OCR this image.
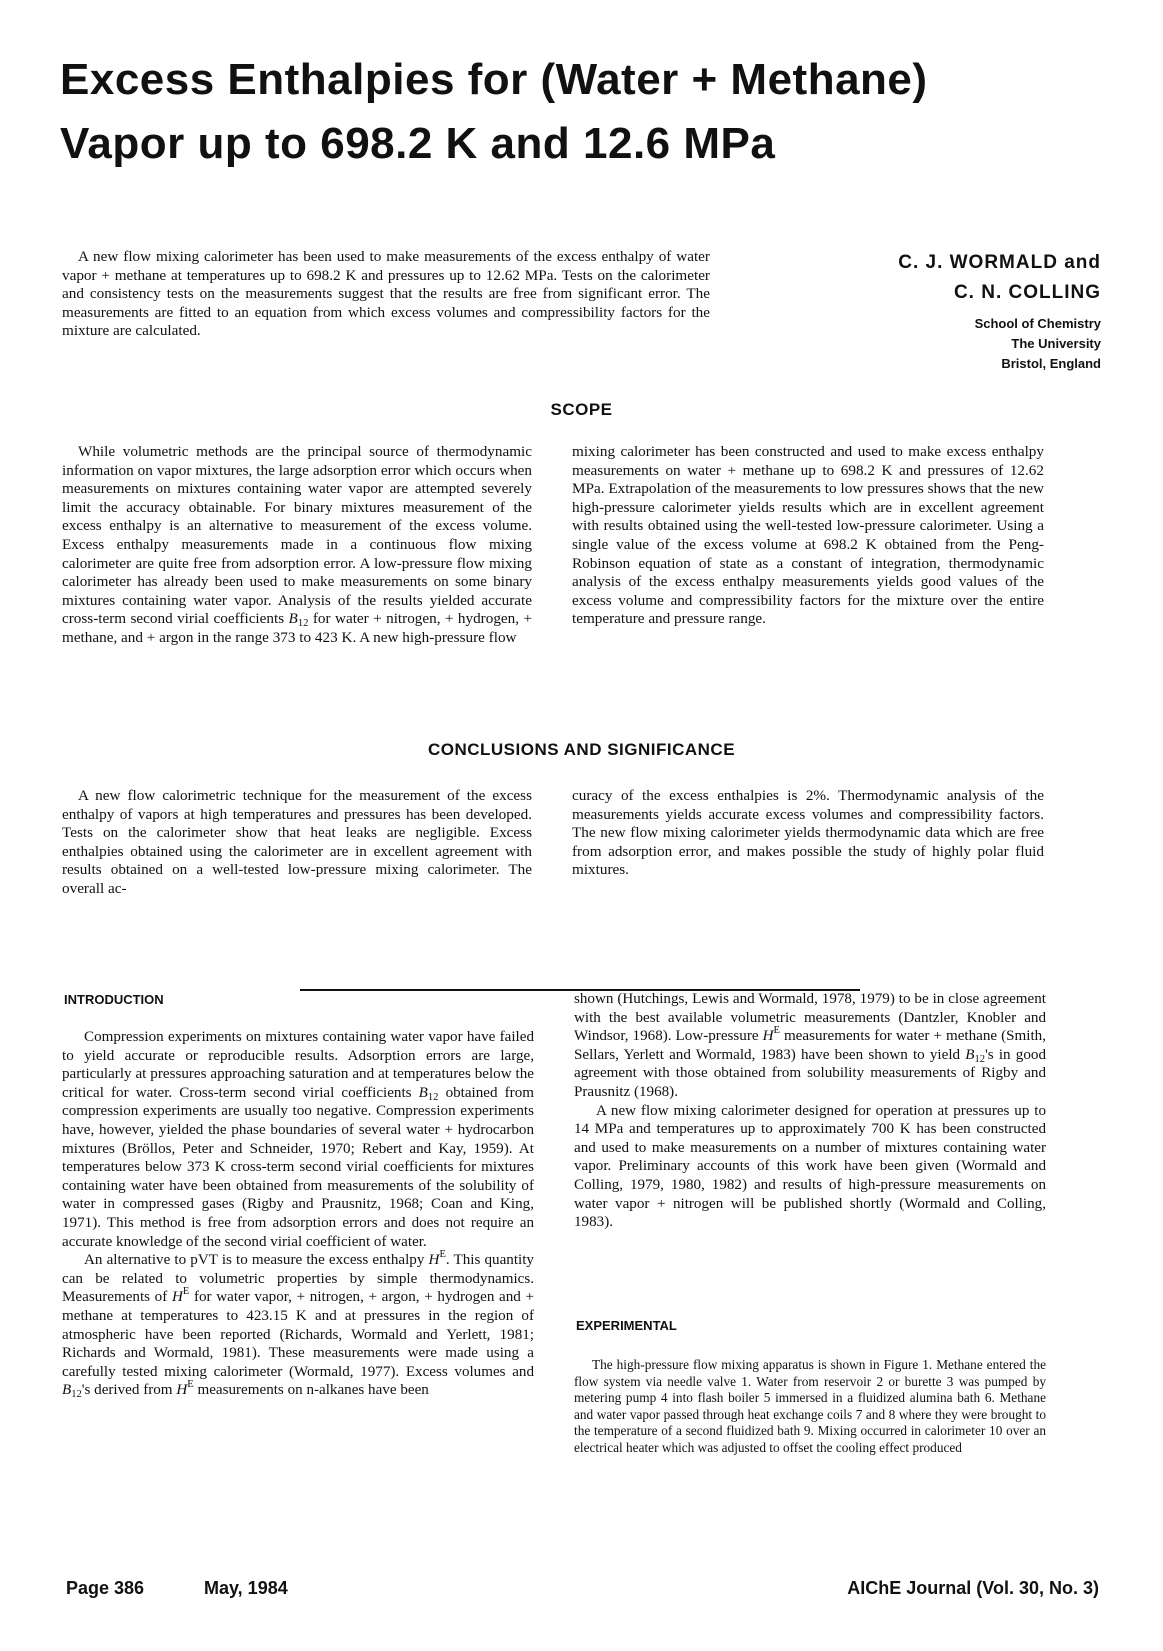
Excess Enthalpies for (Water + Methane)
Vapor up to 698.2 K and 12.6 MPa

A new flow mixing calorimeter has been used to make measurements of the excess enthalpy of water vapor + methane at temperatures up to 698.2 K and pressures up to 12.62 MPa. Tests on the calorimeter and consistency tests on the measurements suggest that the results are free from significant error. The measurements are fitted to an equation from which excess volumes and compressibility factors for the mixture are calculated.

C. J. WORMALD and
C. N. COLLING
School of Chemistry
The University
Bristol, England
SCOPE

While volumetric methods are the principal source of thermodynamic information on vapor mixtures, the large adsorption error which occurs when measurements on mixtures containing water vapor are attempted severely limit the accuracy obtainable. For binary mixtures measurement of the excess enthalpy is an alternative to measurement of the excess volume. Excess enthalpy measurements made in a continuous flow mixing calorimeter are quite free from adsorption error. A low-pressure flow mixing calorimeter has already been used to make measurements on some binary mixtures containing water vapor. Analysis of the results yielded accurate cross-term second virial coefficients $B_{12}$ for water + nitrogen, + hydrogen, + methane, and + argon in the range 373 to 423 K. A new high-pressure flow

mixing calorimeter has been constructed and used to make excess enthalpy measurements on water + methane up to 698.2 K and pressures of 12.62 MPa. Extrapolation of the measurements to low pressures shows that the new high-pressure calorimeter yields results which are in excellent agreement with results obtained using the well-tested low-pressure calorimeter. Using a single value of the excess volume at 698.2 K obtained from the Peng-Robinson equation of state as a constant of integration, thermodynamic analysis of the excess enthalpy measurements yields good values of the excess volume and compressibility factors for the mixture over the entire temperature and pressure range.

CONCLUSIONS AND SIGNIFICANCE

A new flow calorimetric technique for the measurement of the excess enthalpy of vapors at high temperatures and pressures has been developed. Tests on the calorimeter show that heat leaks are negligible. Excess enthalpies obtained using the calorimeter are in excellent agreement with results obtained on a well-tested low-pressure mixing calorimeter. The overall ac-

curacy of the excess enthalpies is 2%. Thermodynamic analysis of the measurements yields accurate excess volumes and compressibility factors. The new flow mixing calorimeter yields thermodynamic data which are free from adsorption error, and makes possible the study of highly polar fluid mixtures.

INTRODUCTION

Compression experiments on mixtures containing water vapor have failed to yield accurate or reproducible results. Adsorption errors are large, particularly at pressures approaching saturation and at temperatures below the critical for water. Cross-term second virial coefficients $B_{12}$ obtained from compression experiments are usually too negative. Compression experiments have, however, yielded the phase boundaries of several water + hydrocarbon mixtures (Bröllos, Peter and Schneider, 1970; Rebert and Kay, 1959). At temperatures below 373 K cross-term second virial coefficients for mixtures containing water have been obtained from measurements of the solubility of water in compressed gases (Rigby and Prausnitz, 1968; Coan and King, 1971). This method is free from adsorption errors and does not require an accurate knowledge of the second virial coefficient of water.

An alternative to pVT is to measure the excess enthalpy $H^E$. This quantity can be related to volumetric properties by simple thermodynamics. Measurements of $H^E$ for water vapor, + nitrogen, + argon, + hydrogen and + methane at temperatures to 423.15 K and at pressures in the region of atmospheric have been reported (Richards, Wormald and Yerlett, 1981; Richards and Wormald, 1981). These measurements were made using a carefully tested mixing calorimeter (Wormald, 1977). Excess volumes and $B_{12}'s$ derived from $H^E$ measurements on n-alkanes have been

shown (Hutchings, Lewis and Wormald, 1978, 1979) to be in close agreement with the best available volumetric measurements (Dantzler, Knobler and Windsor, 1968). Low-pressure $H^E$ measurements for water + methane (Smith, Sellars, Yerlett and Wormald, 1983) have been shown to yield $B_{12}'s$ in good agreement with those obtained from solubility measurements of Rigby and Prausnitz (1968).

A new flow mixing calorimeter designed for operation at pressures up to 14 MPa and temperatures up to approximately 700 K has been constructed and used to make measurements on a number of mixtures containing water vapor. Preliminary accounts of this work have been given (Wormald and Colling, 1979, 1980, 1982) and results of high-pressure measurements on water vapor + nitrogen will be published shortly (Wormald and Colling, 1983).

EXPERIMENTAL

The high-pressure flow mixing apparatus is shown in Figure 1. Methane entered the flow system via needle valve 1. Water from reservoir 2 or burette 3 was pumped by metering pump 4 into flash boiler 5 immersed in a fluidized alumina bath 6. Methane and water vapor passed through heat exchange coils 7 and 8 where they were brought to the temperature of a second fluidized bath 9. Mixing occurred in calorimeter 10 over an electrical heater which was adjusted to offset the cooling effect produced

Page 386	May, 1984	AIChE Journal (Vol. 30, No. 3)
